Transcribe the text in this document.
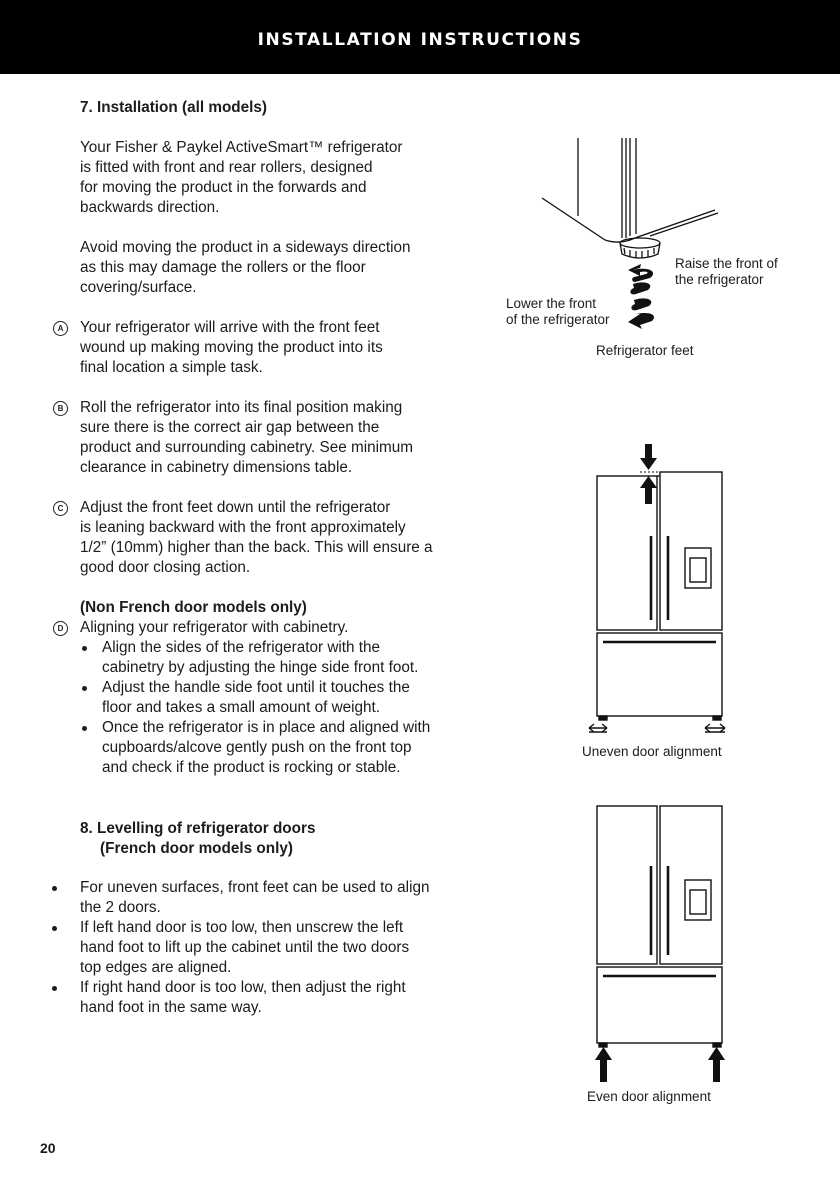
INSTALLATION INSTRUCTIONS
7. Installation (all models)
Your Fisher & Paykel ActiveSmart™ refrigerator
is fitted with front and rear rollers, designed
for moving the product in the forwards and
backwards direction.
Avoid moving the product in a sideways direction
as this may damage the rollers or the floor
covering/surface.
A	Your refrigerator will arrive with the front feet
wound up making moving the product into its
final location a simple task.
B	Roll the refrigerator into its final position making
sure there is the correct air gap between the
product and surrounding cabinetry. See minimum
clearance in cabinetry dimensions table.
C	Adjust the front feet down until the refrigerator
is leaning backward with the front approximately
1/2” (10mm) higher than the back. This will ensure a
good door closing action.
(Non French door models only)
D	Aligning your refrigerator with cabinetry.
Align the sides of the refrigerator with the
cabinetry by adjusting the hinge side front foot.
Adjust the handle side foot until it touches the
floor and takes a small amount of weight.
Once the refrigerator is in place and aligned with
cupboards/alcove gently push on the front top
and check if the product is rocking or stable.
8. Levelling of refrigerator doors
(French door models only)
For uneven surfaces, front feet can be used to align
the 2 doors.
If left hand door is too low, then unscrew the left
hand foot to lift up the cabinet until the two doors
top edges are aligned.
If right hand door is too low, then adjust the right
hand foot in the same way.
Raise the front of
the refrigerator
Lower the front
of the refrigerator
Refrigerator feet
Uneven door alignment
Even door alignment
20
